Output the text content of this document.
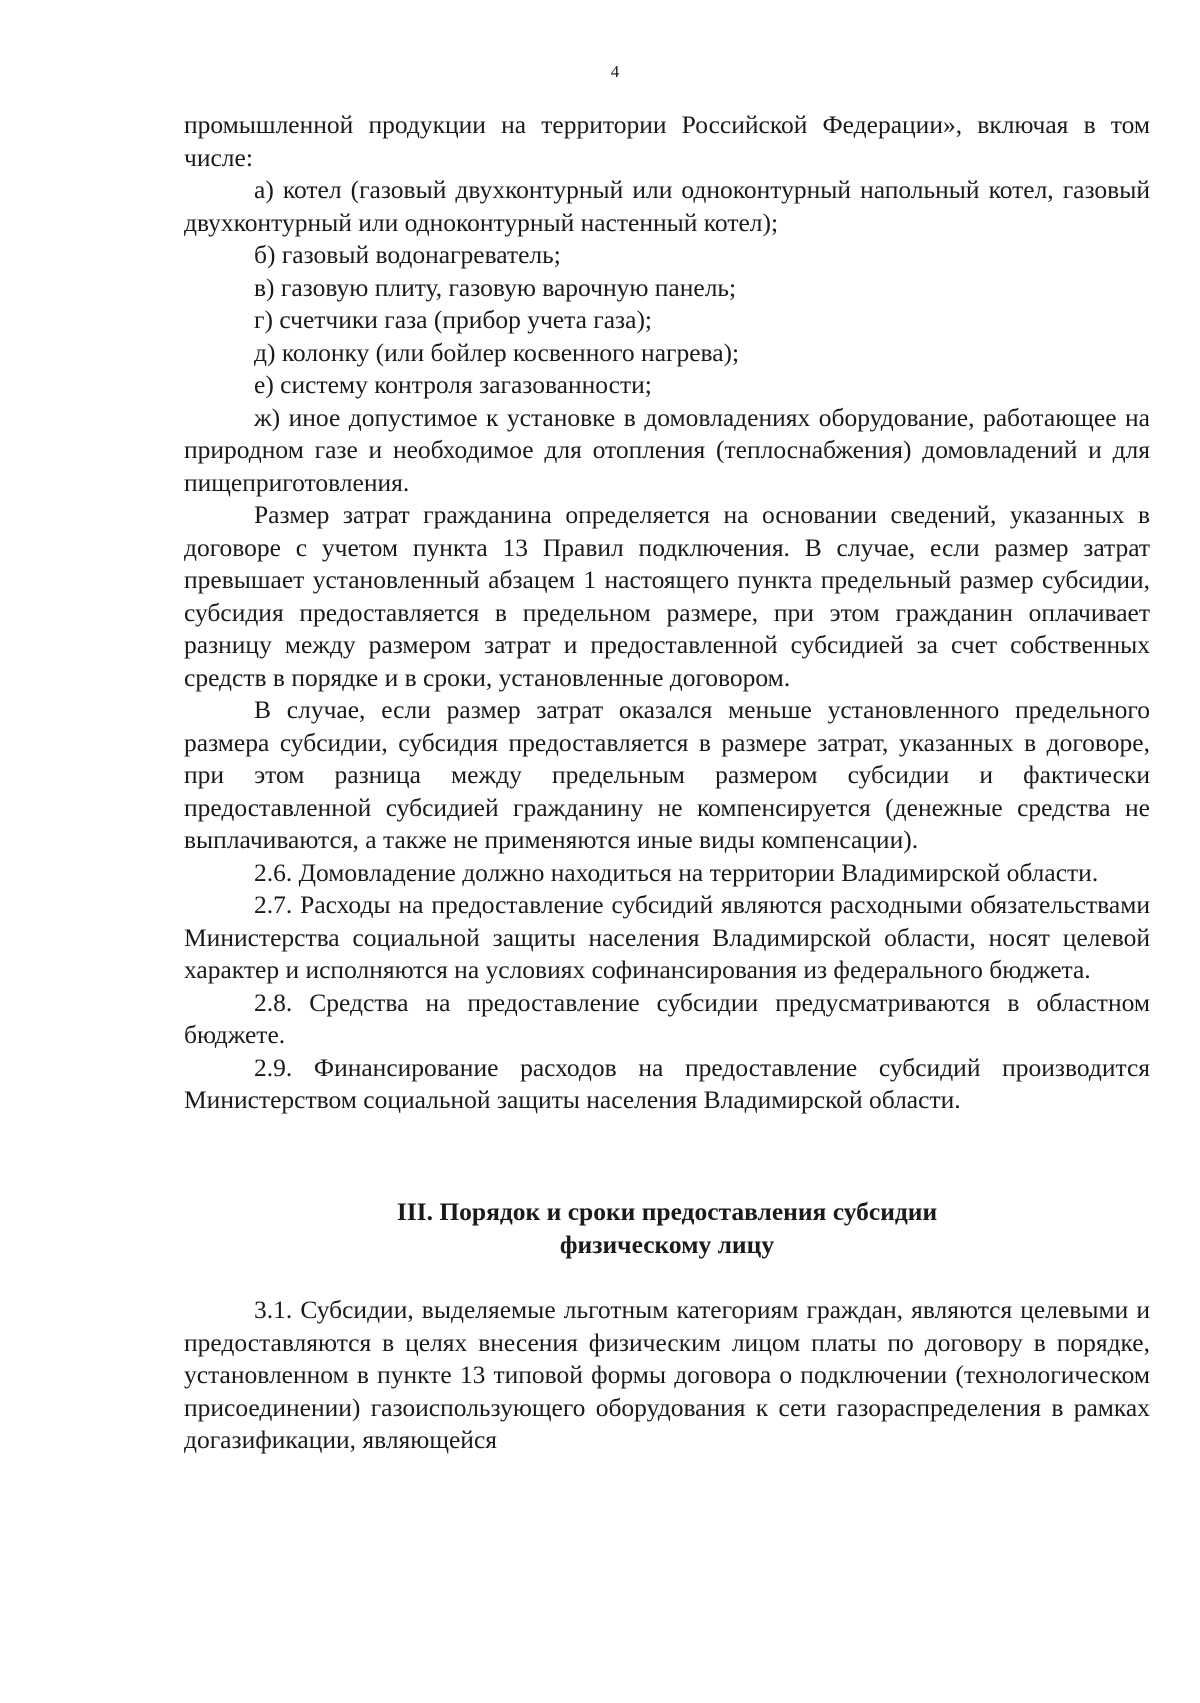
4

промышленной продукции на территории Российской Федерации», включая в том числе:

а) котел (газовый двухконтурный или одноконтурный напольный котел, газовый двухконтурный или одноконтурный настенный котел);

б) газовый водонагреватель;

в) газовую плиту, газовую варочную панель;

г) счетчики газа (прибор учета газа);

д) колонку (или бойлер косвенного нагрева);

е) систему контроля загазованности;

ж) иное допустимое к установке в домовладениях оборудование, работающее на природном газе и необходимое для отопления (теплоснабжения) домовладений и для пищеприготовления.

Размер затрат гражданина определяется на основании сведений, указанных в договоре с учетом пункта 13 Правил подключения. В случае, если размер затрат превышает установленный абзацем 1 настоящего пункта предельный размер субсидии, субсидия предоставляется в предельном размере, при этом гражданин оплачивает разницу между размером затрат и предоставленной субсидией за счет собственных средств в порядке и в сроки, установленные договором.

В случае, если размер затрат оказался меньше установленного предельного размера субсидии, субсидия предоставляется в размере затрат, указанных в договоре, при этом разница между предельным размером субсидии и фактически предоставленной субсидией гражданину не компенсируется (денежные средства не выплачиваются, а также не применяются иные виды компенсации).

2.6. Домовладение должно находиться на территории Владимирской области.

2.7. Расходы на предоставление субсидий являются расходными обязательствами Министерства социальной защиты населения Владимирской области, носят целевой характер и исполняются на условиях софинансирования из федерального бюджета.

2.8. Средства на предоставление субсидии предусматриваются в областном бюджете.

2.9. Финансирование расходов на предоставление субсидий производится Министерством социальной защиты населения Владимирской области.

III. Порядок и сроки предоставления субсидии
физическому лицу

3.1. Субсидии, выделяемые льготным категориям граждан, являются целевыми и предоставляются в целях внесения физическим лицом платы по договору в порядке, установленном в пункте 13 типовой формы договора о подключении (технологическом присоединении) газоиспользующего оборудования к сети газораспределения в рамках догазификации, являющейся
